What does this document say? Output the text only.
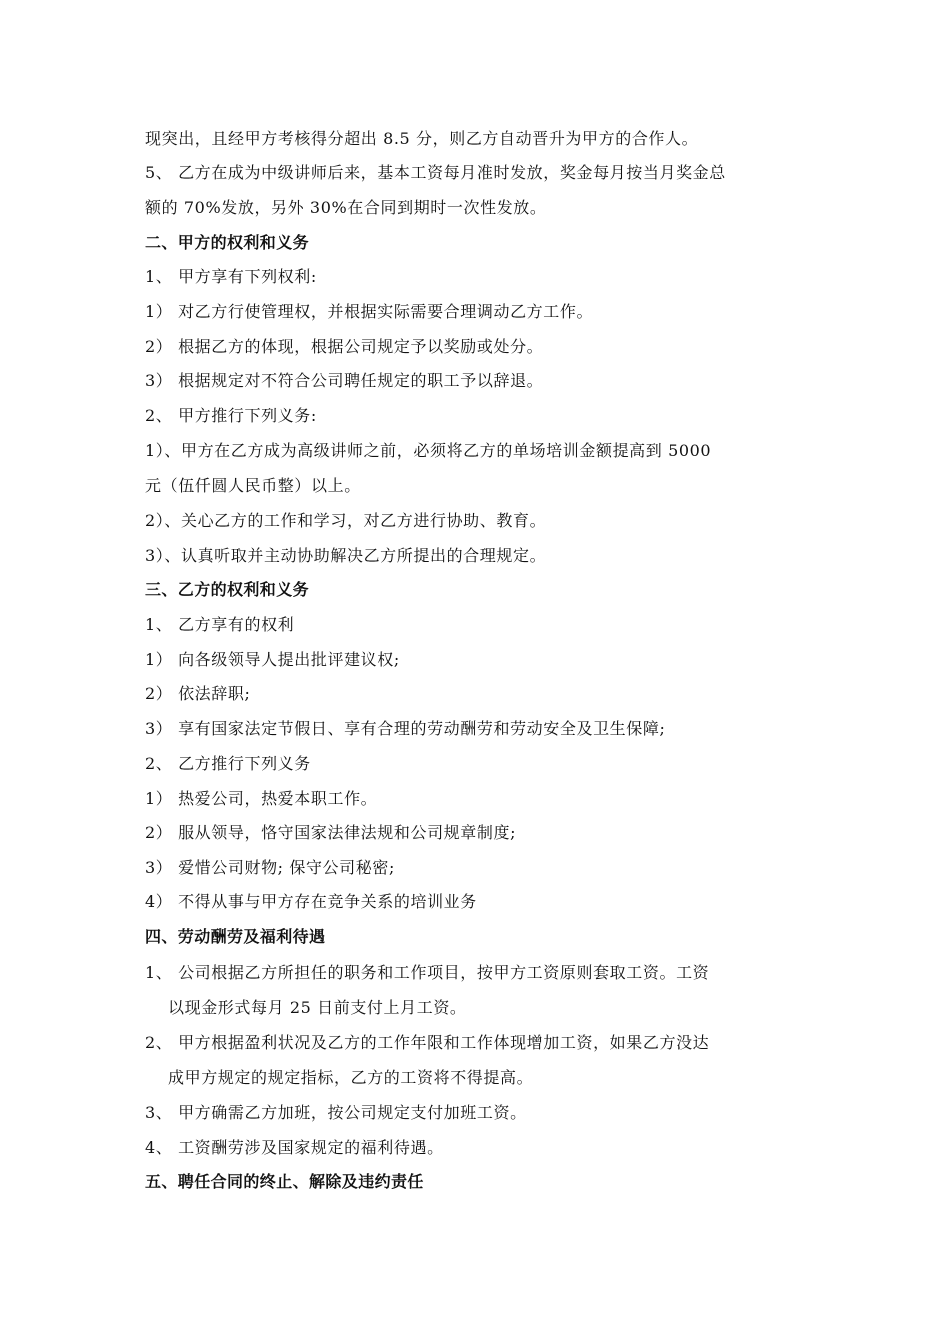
现突出，且经甲方考核得分超出 8.5 分，则乙方自动晋升为甲方的合作人。
5、 乙方在成为中级讲师后来，基本工资每月准时发放，奖金每月按当月奖金总
额的 70%发放，另外 30%在合同到期时一次性发放。
二、甲方的权利和义务
1、 甲方享有下列权利:
1） 对乙方行使管理权，并根据实际需要合理调动乙方工作。
2） 根据乙方的体现，根据公司规定予以奖励或处分。
3） 根据规定对不符合公司聘任规定的职工予以辞退。
2、 甲方推行下列义务:
1）、甲方在乙方成为高级讲师之前，必须将乙方的单场培训金额提高到 5000
元（伍仟圆人民币整）以上。
2）、关心乙方的工作和学习，对乙方进行协助、教育。
3）、认真听取并主动协助解决乙方所提出的合理规定。
三、乙方的权利和义务
1、 乙方享有的权利
1） 向各级领导人提出批评建议权;
2） 依法辞职;
3） 享有国家法定节假日、享有合理的劳动酬劳和劳动安全及卫生保障;
2、 乙方推行下列义务
1） 热爱公司，热爱本职工作。
2） 服从领导，恪守国家法律法规和公司规章制度;
3） 爱惜公司财物; 保守公司秘密;
4） 不得从事与甲方存在竞争关系的培训业务
四、劳动酬劳及福利待遇
1、 公司根据乙方所担任的职务和工作项目，按甲方工资原则套取工资。工资
以现金形式每月 25 日前支付上月工资。
2、 甲方根据盈利状况及乙方的工作年限和工作体现增加工资，如果乙方没达
成甲方规定的规定指标，乙方的工资将不得提高。
3、 甲方确需乙方加班，按公司规定支付加班工资。
4、 工资酬劳涉及国家规定的福利待遇。
五、聘任合同的终止、解除及违约责任
